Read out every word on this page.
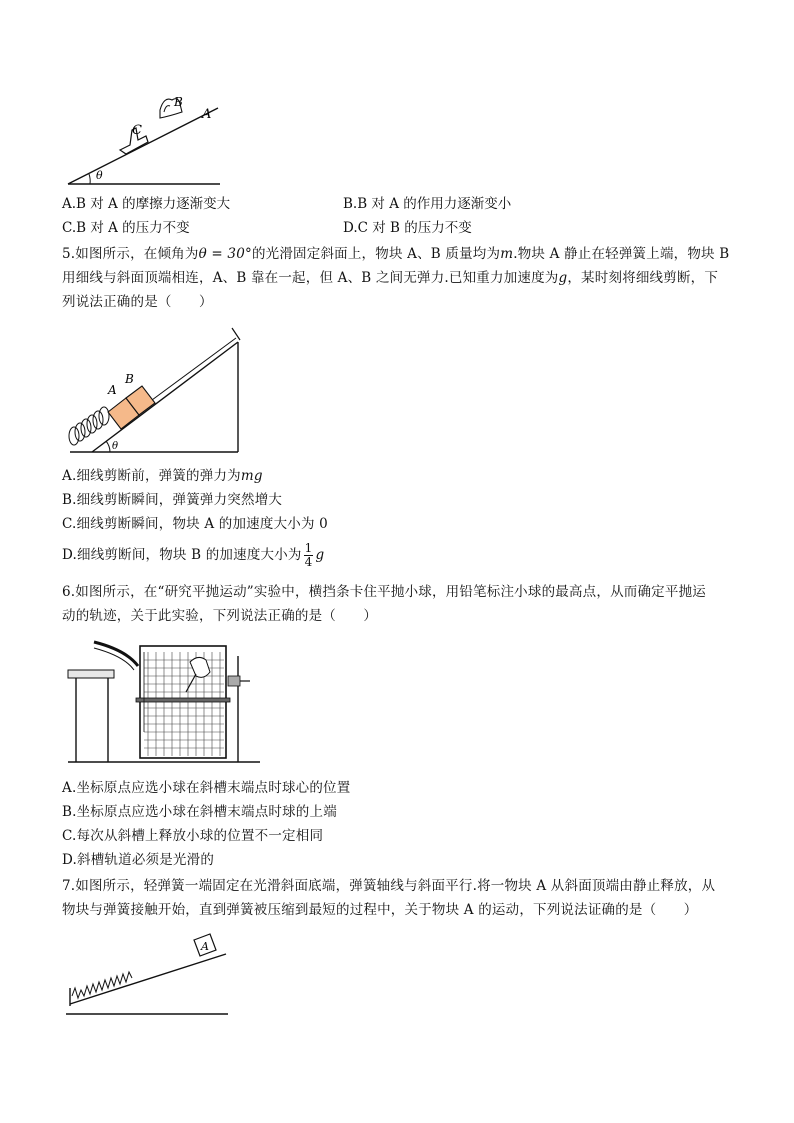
C
B
A
θ
A.B 对 A 的摩擦力逐渐变大	B.B 对 A 的作用力逐渐变小
C.B 对 A 的压力不变	D.C 对 B 的压力不变
5.如图所示，在倾角为θ = 30°的光滑固定斜面上，物块 A、B 质量均为m.物块 A 静止在轻弹簧上端，物块 B
用细线与斜面顶端相连，A、B 靠在一起，但 A、B 之间无弹力.已知重力加速度为g，某时刻将细线剪断，下
列说法正确的是（　　）
A
B
θ
A.细线剪断前，弹簧的弹力为mg
B.细线剪断瞬间，弹簧弹力突然增大
C.细线剪断瞬间，物块 A 的加速度大小为 0
D.细线剪断间，物块 B 的加速度大小为 $\frac{1}{4}$ g
6.如图所示，在“研究平抛运动”实验中，横挡条卡住平抛小球，用铅笔标注小球的最高点，从而确定平抛运
动的轨迹，关于此实验，下列说法正确的是（　　）
A.坐标原点应选小球在斜槽末端点时球心的位置
B.坐标原点应选小球在斜槽末端点时球的上端
C.每次从斜槽上释放小球的位置不一定相同
D.斜槽轨道必须是光滑的
7.如图所示，轻弹簧一端固定在光滑斜面底端，弹簧轴线与斜面平行.将一物块 A 从斜面顶端由静止释放，从
物块与弹簧接触开始，直到弹簧被压缩到最短的过程中，关于物块 A 的运动，下列说法证确的是（　　）
A
